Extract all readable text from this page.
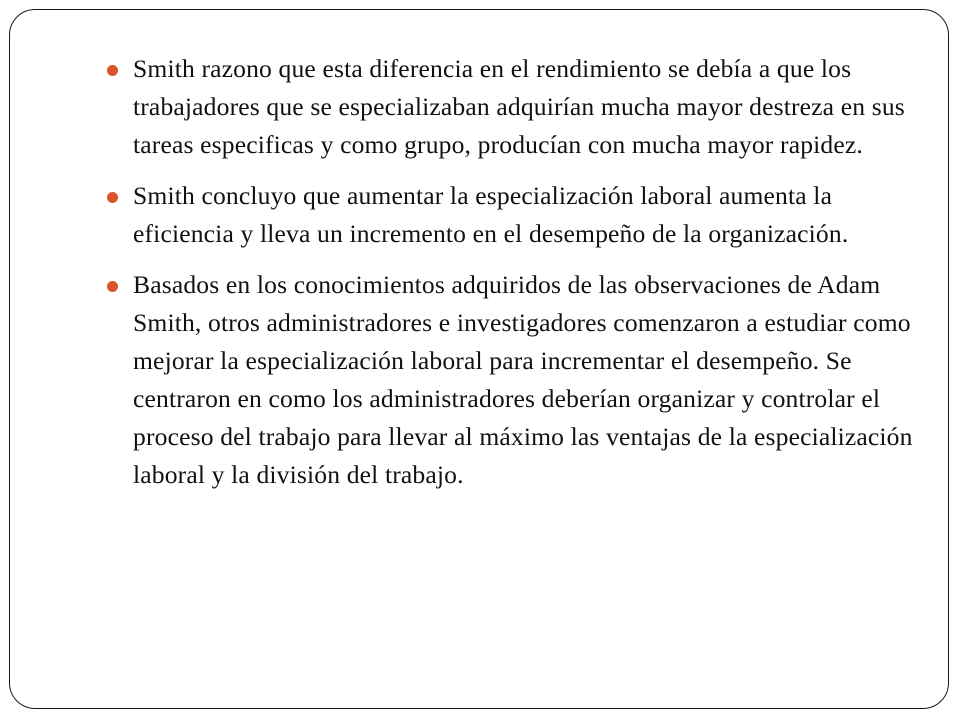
Smith razono que esta diferencia en el rendimiento se debía a que los trabajadores que se especializaban adquirían mucha mayor destreza en sus tareas especificas y como grupo, producían con mucha mayor rapidez.
Smith concluyo que aumentar la especialización laboral aumenta la eficiencia y lleva un incremento en el desempeño de la organización.
Basados en los conocimientos adquiridos de las observaciones de Adam Smith, otros administradores e investigadores comenzaron a estudiar como mejorar la especialización laboral para incrementar el desempeño. Se centraron en como los administradores deberían organizar y controlar el proceso del trabajo para llevar al máximo las ventajas de la especialización laboral y la división del trabajo.
